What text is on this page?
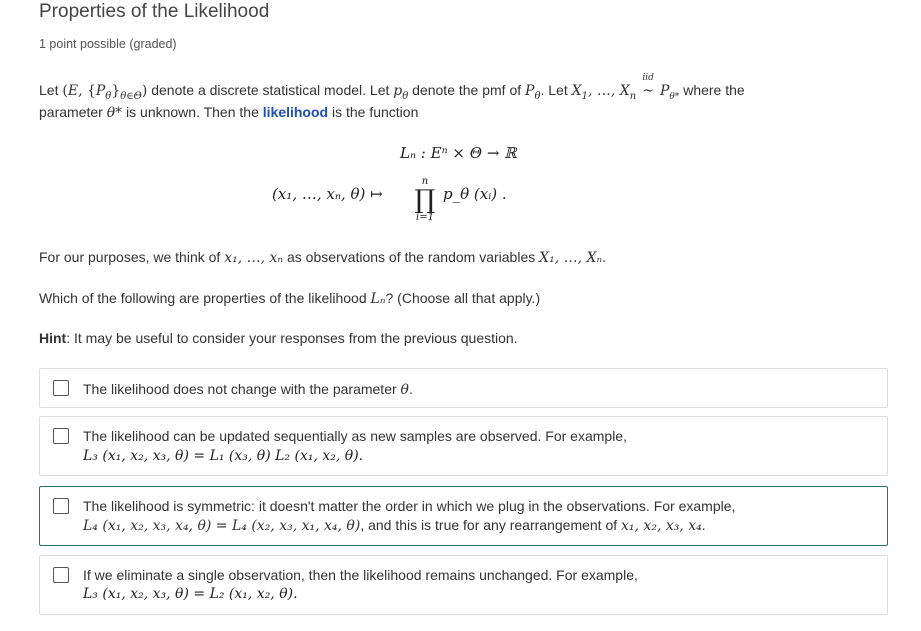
Properties of the Likelihood
1 point possible (graded)
Let (E, $\{P_\theta\}_{\theta\in\Theta}$) denote a discrete statistical model. Let $p_\theta$ denote the pmf of $P_\theta$. Let $X_1$, …, $X_n$
iid
~ $P_{\theta*}$ where the
parameter θ* is unknown. Then the likelihood is the function
Lₙ : Eⁿ × Θ → ℝ
(x₁, …, xₙ, θ) ↦
n
∏
i=1
p_θ (xᵢ) .
For our purposes, we think of x₁, …, xₙ as observations of the random variables X₁, …, Xₙ.
Which of the following are properties of the likelihood Lₙ? (Choose all that apply.)
Hint: It may be useful to consider your responses from the previous question.
The likelihood does not change with the parameter θ.
The likelihood can be updated sequentially as new samples are observed. For example,
L₃ (x₁, x₂, x₃, θ) = L₁ (x₃, θ) L₂ (x₁, x₂, θ).
The likelihood is symmetric: it doesn't matter the order in which we plug in the observations. For example,
L₄ (x₁, x₂, x₃, x₄, θ) = L₄ (x₂, x₃, x₁, x₄, θ), and this is true for any rearrangement of x₁, x₂, x₃, x₄.
If we eliminate a single observation, then the likelihood remains unchanged. For example,
L₃ (x₁, x₂, x₃, θ) = L₂ (x₁, x₂, θ).
